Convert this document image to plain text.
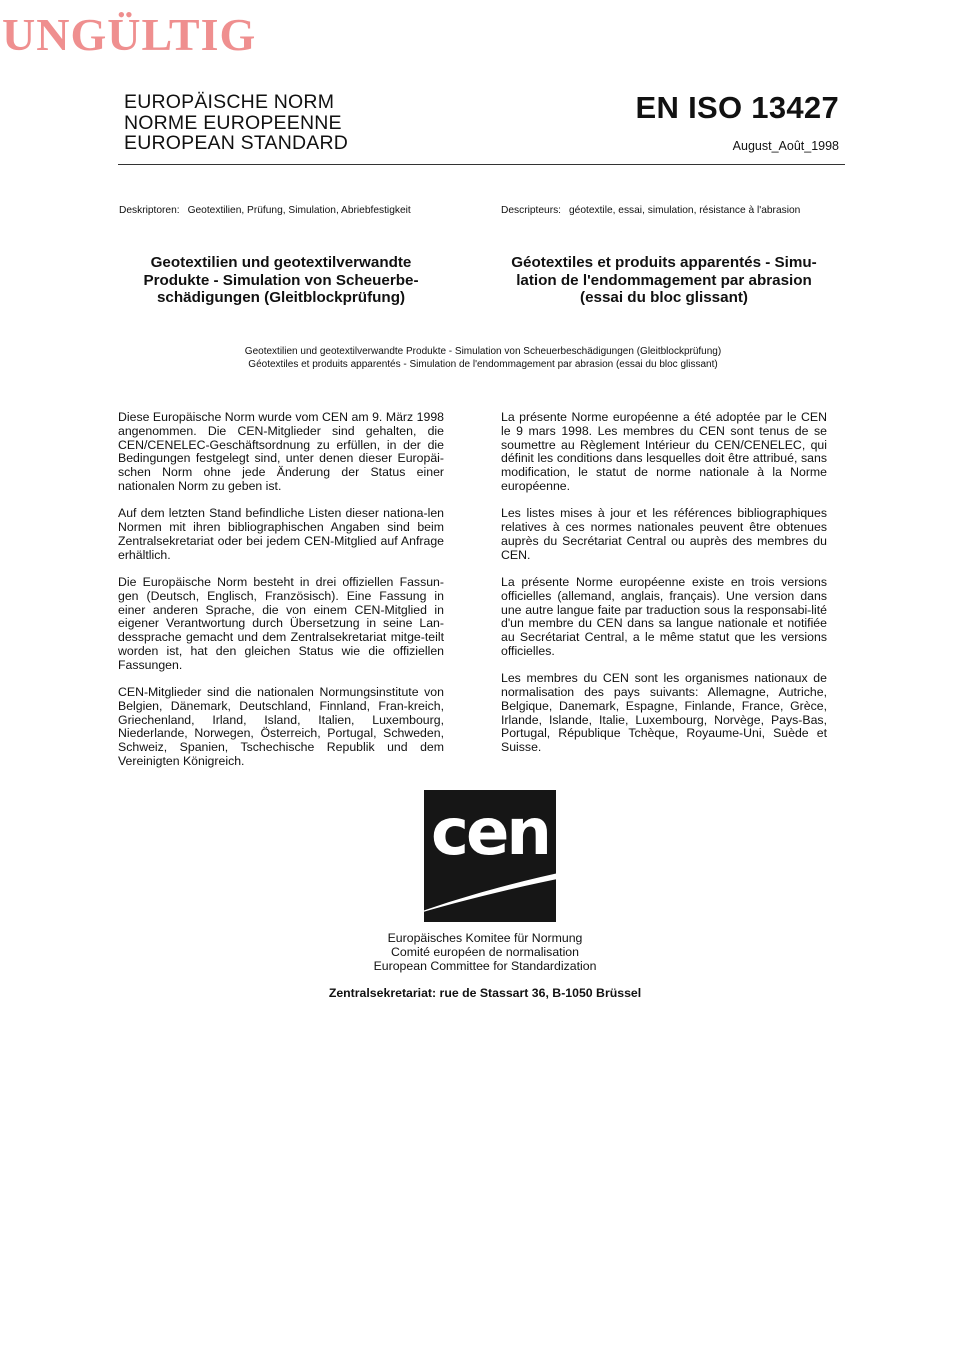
UNGÜLTIG
EUROPÄISCHE NORM
NORME EUROPEENNE
EUROPEAN STANDARD
EN ISO 13427
August_Août_1998
Deskriptoren: Geotextilien, Prüfung, Simulation, Abriebfestigkeit	Descripteurs: géotextile, essai, simulation, résistance à l'abrasion
Geotextilien und geotextilverwandte
Produkte - Simulation von Scheuerbe-
schädigungen (Gleitblockprüfung)
Géotextiles et produits apparentés - Simu-
lation de l'endommagement par abrasion
(essai du bloc glissant)
Geotextilien und geotextilverwandte Produkte - Simulation von Scheuerbeschädigungen (Gleitblockprüfung)
Géotextiles et produits apparentés - Simulation de l'endommagement par abrasion (essai du bloc glissant)

Diese Europäische Norm wurde vom CEN am 9. März 1998 angenommen. Die CEN-Mitglieder sind gehalten, die CEN/CENELEC-Geschäftsordnung zu erfüllen, in der die Bedingungen festgelegt sind, unter denen dieser Europäi-schen Norm ohne jede Änderung der Status einer nationalen Norm zu geben ist.

Auf dem letzten Stand befindliche Listen dieser nationa-len Normen mit ihren bibliographischen Angaben sind beim Zentralsekretariat oder bei jedem CEN-Mitglied auf Anfrage erhältlich.

Die Europäische Norm besteht in drei offiziellen Fassun-gen (Deutsch, Englisch, Französisch). Eine Fassung in einer anderen Sprache, die von einem CEN-Mitglied in eigener Verantwortung durch Übersetzung in seine Lan-dessprache gemacht und dem Zentralsekretariat mitge-teilt worden ist, hat den gleichen Status wie die offiziellen Fassungen.

CEN-Mitglieder sind die nationalen Normungsinstitute von Belgien, Dänemark, Deutschland, Finnland, Fran-kreich, Griechenland, Irland, Island, Italien, Luxembourg, Niederlande, Norwegen, Österreich, Portugal, Schweden, Schweiz, Spanien, Tschechische Republik und dem Vereinigten Königreich.

La présente Norme européenne a été adoptée par le CEN le 9 mars 1998. Les membres du CEN sont tenus de se soumettre au Règlement Intérieur du CEN/CENELEC, qui définit les conditions dans lesquelles doit être attribué, sans modification, le statut de norme nationale à la Norme européenne.

Les listes mises à jour et les références bibliographiques relatives à ces normes nationales peuvent être obtenues auprès du Secrétariat Central ou auprès des membres du CEN.

La présente Norme européenne existe en trois versions officielles (allemand, anglais, français). Une version dans une autre langue faite par traduction sous la responsabi-lité d'un membre du CEN dans sa langue nationale et notifiée au Secrétariat Central, a le même statut que les versions officielles.

Les membres du CEN sont les organismes nationaux de normalisation des pays suivants: Allemagne, Autriche, Belgique, Danemark, Espagne, Finlande, France, Grèce, Irlande, Islande, Italie, Luxembourg, Norvège, Pays-Bas, Portugal, République Tchèque, Royaume-Uni, Suède et Suisse.

cen
Europäisches Komitee für Normung
Comité européen de normalisation
European Committee for Standardization
Zentralsekretariat: rue de Stassart 36, B-1050 Brüssel
